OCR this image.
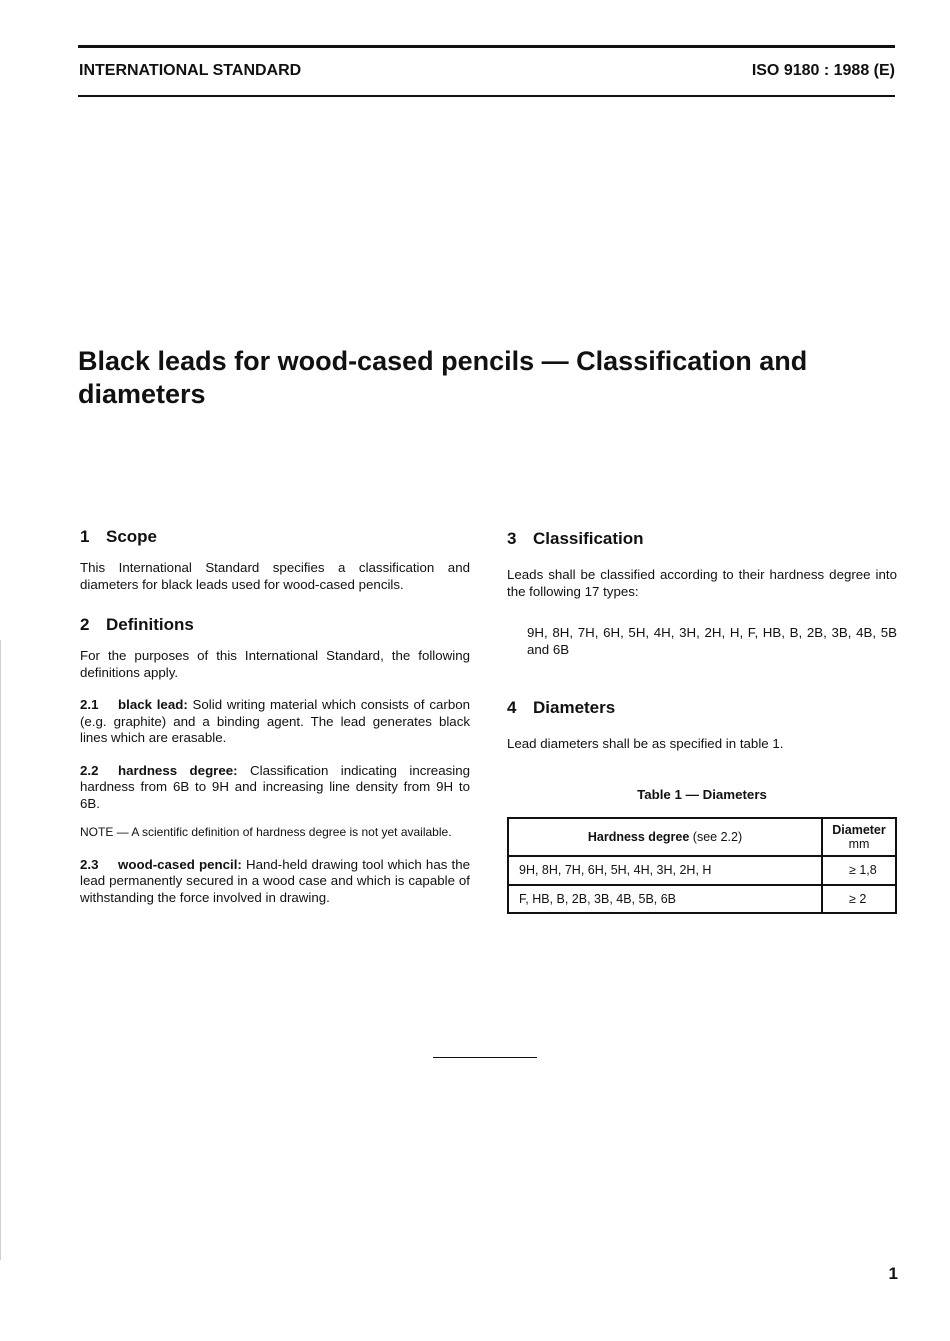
INTERNATIONAL STANDARD	ISO 9180 : 1988 (E)
Black leads for wood-cased pencils — Classification and diameters
1 Scope

This International Standard specifies a classification and diameters for black leads used for wood-cased pencils.

2 Definitions

For the purposes of this International Standard, the following definitions apply.

2.1 black lead: Solid writing material which consists of carbon (e.g. graphite) and a binding agent. The lead generates black lines which are erasable.

2.2 hardness degree: Classification indicating increasing hardness from 6B to 9H and increasing line density from 9H to 6B.

NOTE — A scientific definition of hardness degree is not yet available.

2.3 wood-cased pencil: Hand-held drawing tool which has the lead permanently secured in a wood case and which is capable of withstanding the force involved in drawing.

3 Classification

Leads shall be classified according to their hardness degree into the following 17 types:

9H, 8H, 7H, 6H, 5H, 4H, 3H, 2H, H, F, HB, B, 2B, 3B, 4B, 5B and 6B

4 Diameters

Lead diameters shall be as specified in table 1.

Table 1 — Diameters
Hardness degree (see 2.2)	Diameter
mm

9H, 8H, 7H, 6H, 5H, 4H, 3H, 2H, H	≥ 1,8
F, HB, B, 2B, 3B, 4B, 5B, 6B	≥ 2
1
